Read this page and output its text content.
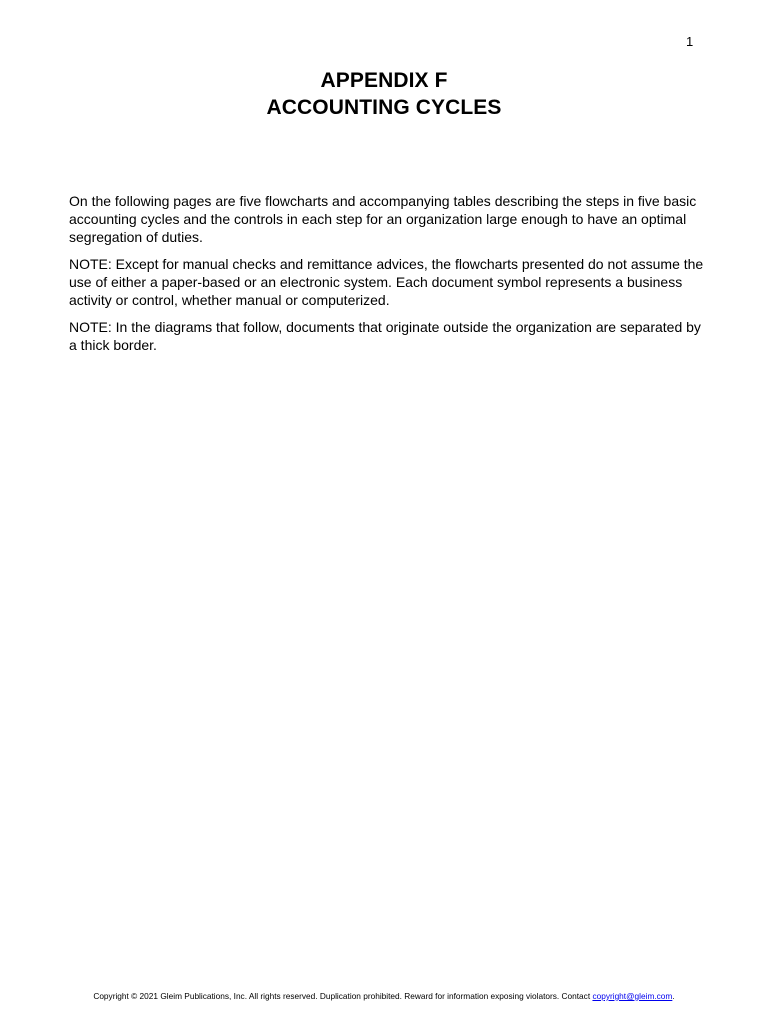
1
APPENDIX F
ACCOUNTING CYCLES

On the following pages are five flowcharts and accompanying tables describing the steps in five basic accounting cycles and the controls in each step for an organization large enough to have an optimal segregation of duties.

NOTE: Except for manual checks and remittance advices, the flowcharts presented do not assume the use of either a paper-based or an electronic system. Each document symbol represents a business activity or control, whether manual or computerized.

NOTE: In the diagrams that follow, documents that originate outside the organization are separated by a thick border.

Copyright © 2021 Gleim Publications, Inc. All rights reserved. Duplication prohibited. Reward for information exposing violators. Contact copyright@gleim.com.
